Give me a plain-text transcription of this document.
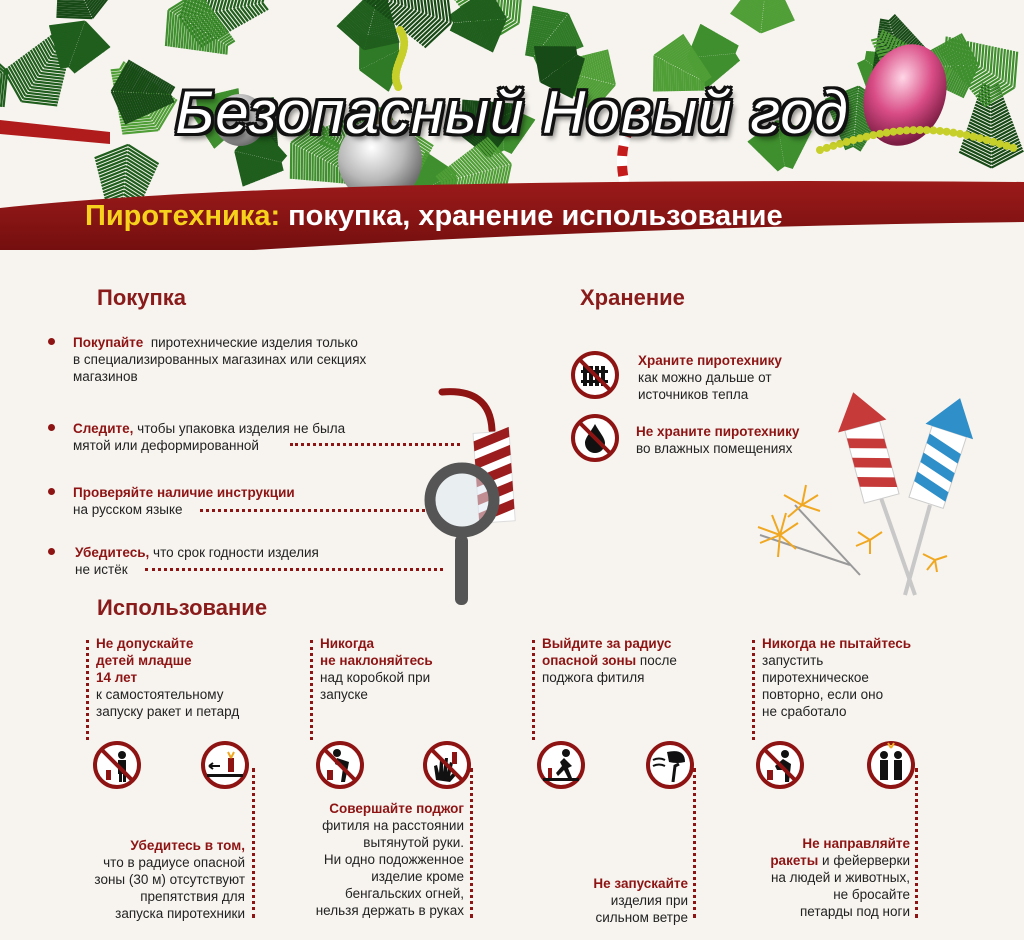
Безопасный Новый год
Пиротехника: покупка, хранение использование
Покупка
Покупайте пиротехнические изделия только
в специализированных магазинах или секциях
магазинов
Следите, чтобы упаковка изделия не была
мятой или деформированной
Проверяйте наличие инструкции
на русском языке
Убедитесь, что срок годности изделия
не истёк
Хранение
Храните пиротехнику
как можно дальше от
источников тепла
Не храните пиротехнику
во влажных помещениях
Использование
Не допускайте
детей младше
14 лет
к самостоятельному
запуску ракет и петард
Никогда
не наклоняйтесь
над коробкой при
запуске
Выйдите за радиус
опасной зоны после
поджога фитиля
Никогда не пытайтесь
запустить
пиротехническое
повторно, если оно
не сработало
Убедитесь в том,
что в радиусе опасной
зоны (30 м) отсутствуют
препятствия для
запуска пиротехники
Совершайте поджог
фитиля на расстоянии
вытянутой руки.
Ни одно подожженное
изделие кроме
бенгальских огней,
нельзя держать в руках
Не запускайте
изделия при
сильном ветре
Не направляйте
ракеты и фейерверки
на людей и животных,
не бросайте
петарды под ноги
